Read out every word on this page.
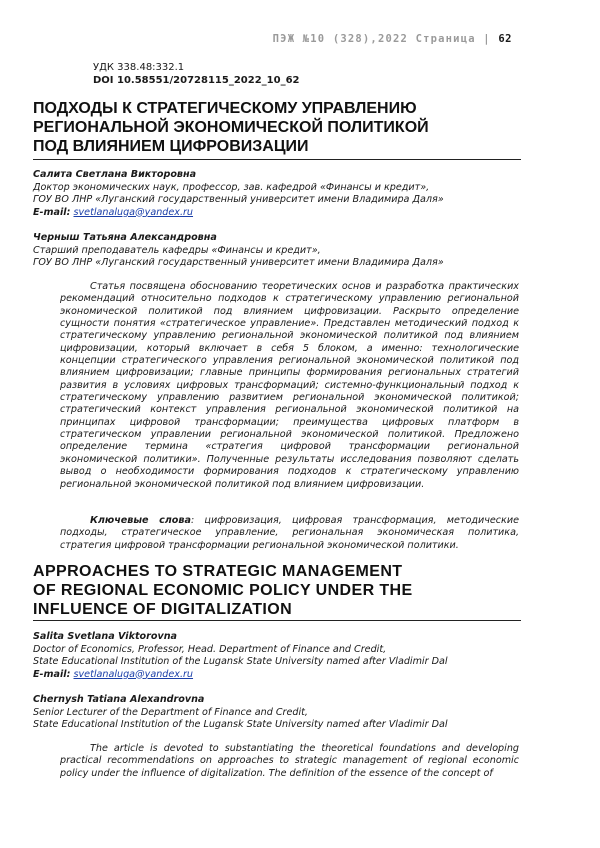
ПЭЖ №10 (328),2022 Страница | 62
УДК 338.48:332.1
DOI 10.58551/20728115_2022_10_62
ПОДХОДЫ К СТРАТЕГИЧЕСКОМУ УПРАВЛЕНИЮ
РЕГИОНАЛЬНОЙ ЭКОНОМИЧЕСКОЙ ПОЛИТИКОЙ
ПОД ВЛИЯНИЕМ ЦИФРОВИЗАЦИИ
Салита Светлана Викторовна
Доктор экономических наук, профессор, зав. кафедрой «Финансы и кредит»,
ГОУ ВО ЛНР «Луганский государственный университет имени Владимира Даля»
E-mail: svetlanaluga@yandex.ru
Черныш Татьяна Александровна
Старший преподаватель кафедры «Финансы и кредит»,
ГОУ ВО ЛНР «Луганский государственный университет имени Владимира Даля»

Статья посвящена обоснованию теоретических основ и разработка практических рекомендаций относительно подходов к стратегическому управлению региональной экономической политикой под влиянием цифровизации. Раскрыто определение сущности понятия «стратегическое управление». Представлен методический подход к стратегическому управлению региональной экономической политикой под влиянием цифровизации, который включает в себя 5 блоком, а именно: технологические концепции стратегического управления региональной экономической политикой под влиянием цифровизации; главные принципы формирования региональных стратегий развития в условиях цифровых трансформаций; системно-функциональный подход к стратегическому управлению развитием региональной экономической политикой; стратегический контекст управления региональной экономической политикой на принципах цифровой трансформации; преимущества цифровых платформ в стратегическом управлении региональной экономической политикой. Предложено определение термина «стратегия цифровой трансформации региональной экономической политики». Полученные результаты исследования позволяют сделать вывод о необходимости формирования подходов к стратегическому управлению региональной экономической политикой под влиянием цифровизации.

Ключевые слова: цифровизация, цифровая трансформация, методические подходы, стратегическое управление, региональная экономическая политика, стратегия цифровой трансформации региональной экономической политики.

APPROACHES TO STRATEGIC MANAGEMENT
OF REGIONAL ECONOMIC POLICY UNDER THE
INFLUENCE OF DIGITALIZATION
Salita Svetlana Viktorovna
Doctor of Economics, Professor, Head. Department of Finance and Credit,
State Educational Institution of the Lugansk State University named after Vladimir Dal
E-mail: svetlanaluga@yandex.ru
Chernysh Tatiana Alexandrovna
Senior Lecturer of the Department of Finance and Credit,
State Educational Institution of the Lugansk State University named after Vladimir Dal

The article is devoted to substantiating the theoretical foundations and developing practical recommendations on approaches to strategic management of regional economic policy under the influence of digitalization. The definition of the essence of the concept of
